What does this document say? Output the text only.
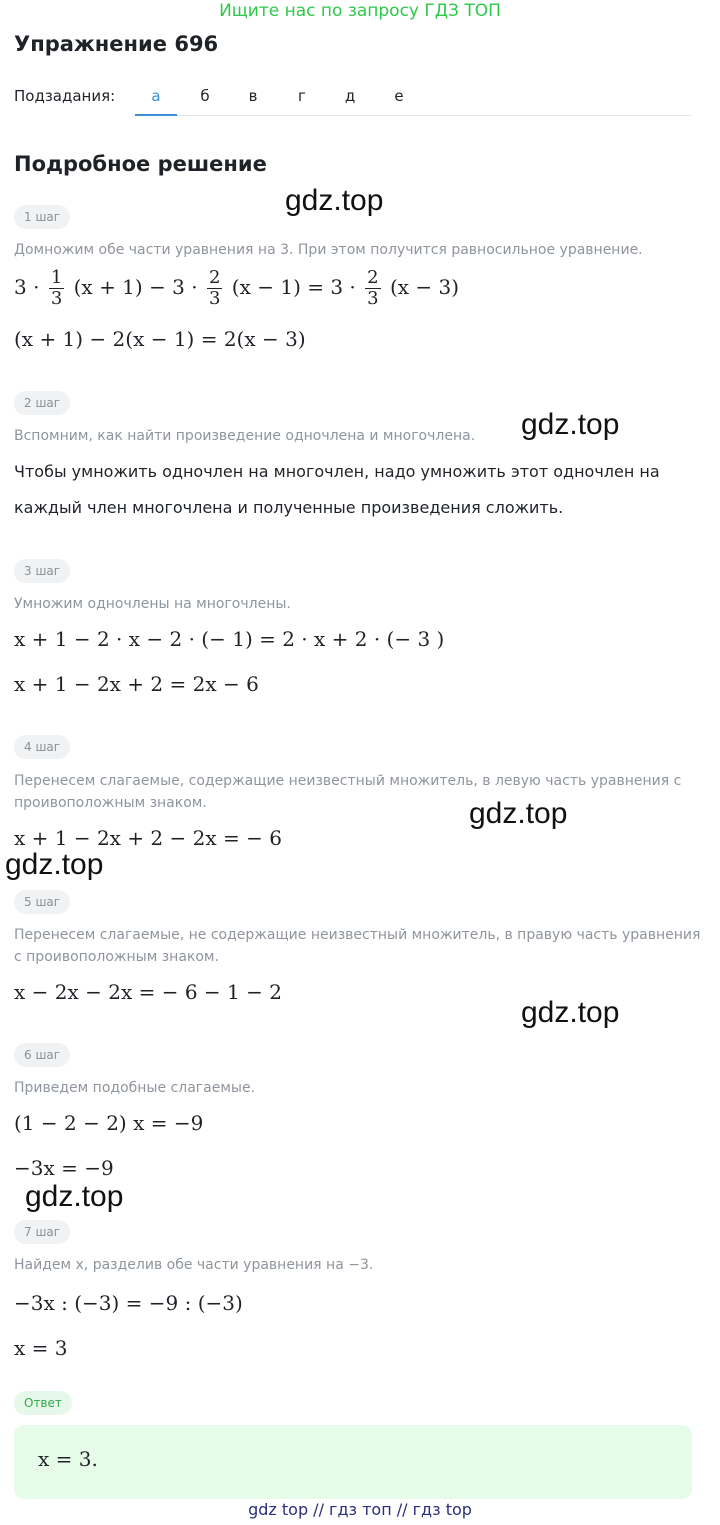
Ищите нас по запросу ГДЗ ТОП
Упражнение 696
Подзадания:	а	б	в	г	д	е
Подробное решение
1 шаг
Домножим обе части уравнения на 3. При этом получится равносильное уравнение.
$3 \cdot \frac{1}{3} (x + 1) - 3 \cdot \frac{2}{3} (x - 1) = 3 \cdot \frac{2}{3} (x - 3)$
(x + 1) − 2(x − 1) = 2(x − 3)
2 шаг
Вспомним, как найти произведение одночлена и многочлена.
Чтобы умножить одночлен на многочлен, надо умножить этот одночлен на каждый член многочлена и полученные произведения сложить.
3 шаг
Умножим одночлены на многочлены.
x + 1 − 2 · x − 2 · (− 1) = 2 · x + 2 · (− 3 )
x + 1 − 2x + 2 = 2x − 6
4 шаг
Перенесем слагаемые, содержащие неизвестный множитель, в левую часть уравнения с проивоположным знаком.
x + 1 − 2x + 2 − 2x = − 6
5 шаг
Перенесем слагаемые, не содержащие неизвестный множитель, в правую часть уравнения с проивоположным знаком.
x − 2x − 2x = − 6 − 1 − 2
6 шаг
Приведем подобные слагаемые.
(1 − 2 − 2) x = −9
−3x = −9
7 шаг
Найдем x, разделив обе части уравнения на −3.
−3x : (−3) = −9 : (−3)
x = 3
Ответ
x = 3.
gdz.top
gdz.top
gdz.top
gdz.top
gdz.top
gdz.top
gdz top // гдз топ // гдз top
